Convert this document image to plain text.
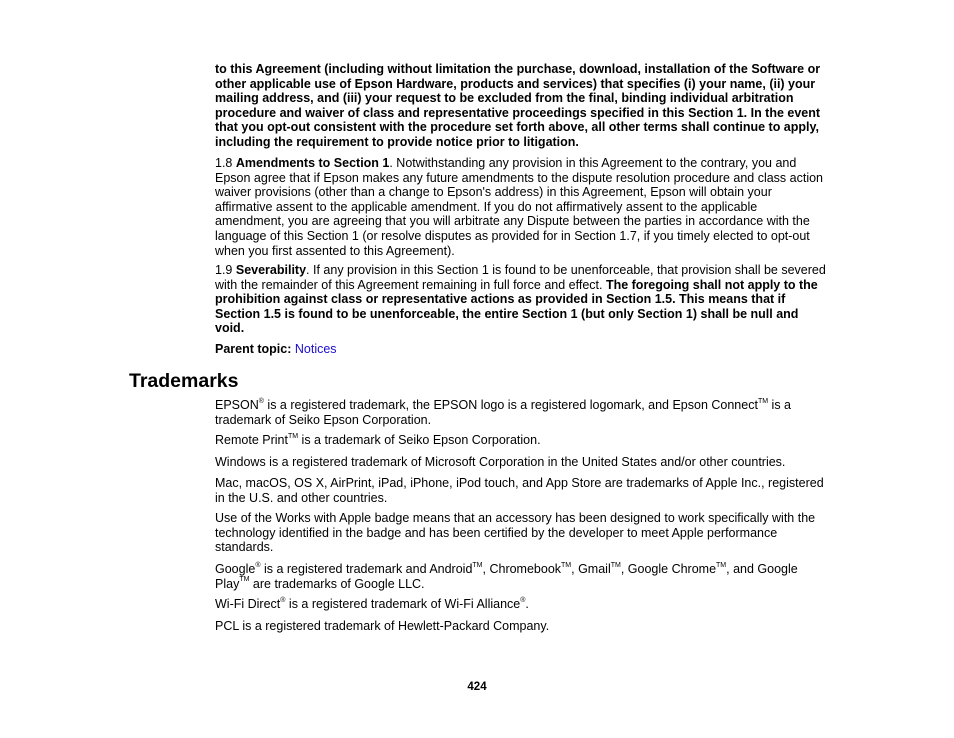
to this Agreement (including without limitation the purchase, download, installation of the Software or other applicable use of Epson Hardware, products and services) that specifies (i) your name, (ii) your mailing address, and (iii) your request to be excluded from the final, binding individual arbitration procedure and waiver of class and representative proceedings specified in this Section 1. In the event that you opt-out consistent with the procedure set forth above, all other terms shall continue to apply, including the requirement to provide notice prior to litigation.

1.8 Amendments to Section 1. Notwithstanding any provision in this Agreement to the contrary, you and Epson agree that if Epson makes any future amendments to the dispute resolution procedure and class action waiver provisions (other than a change to Epson's address) in this Agreement, Epson will obtain your affirmative assent to the applicable amendment. If you do not affirmatively assent to the applicable amendment, you are agreeing that you will arbitrate any Dispute between the parties in accordance with the language of this Section 1 (or resolve disputes as provided for in Section 1.7, if you timely elected to opt-out when you first assented to this Agreement).

1.9 Severability. If any provision in this Section 1 is found to be unenforceable, that provision shall be severed with the remainder of this Agreement remaining in full force and effect. The foregoing shall not apply to the prohibition against class or representative actions as provided in Section 1.5. This means that if Section 1.5 is found to be unenforceable, the entire Section 1 (but only Section 1) shall be null and void.

Parent topic: Notices

Trademarks

EPSON® is a registered trademark, the EPSON logo is a registered logomark, and Epson Connect™ is a trademark of Seiko Epson Corporation.

Remote Print™ is a trademark of Seiko Epson Corporation.

Windows is a registered trademark of Microsoft Corporation in the United States and/or other countries.

Mac, macOS, OS X, AirPrint, iPad, iPhone, iPod touch, and App Store are trademarks of Apple Inc., registered in the U.S. and other countries.

Use of the Works with Apple badge means that an accessory has been designed to work specifically with the technology identified in the badge and has been certified by the developer to meet Apple performance standards.

Google® is a registered trademark and Android™, Chromebook™, Gmail™, Google Chrome™, and Google Play™ are trademarks of Google LLC.

Wi-Fi Direct® is a registered trademark of Wi-Fi Alliance®.

PCL is a registered trademark of Hewlett-Packard Company.

424
